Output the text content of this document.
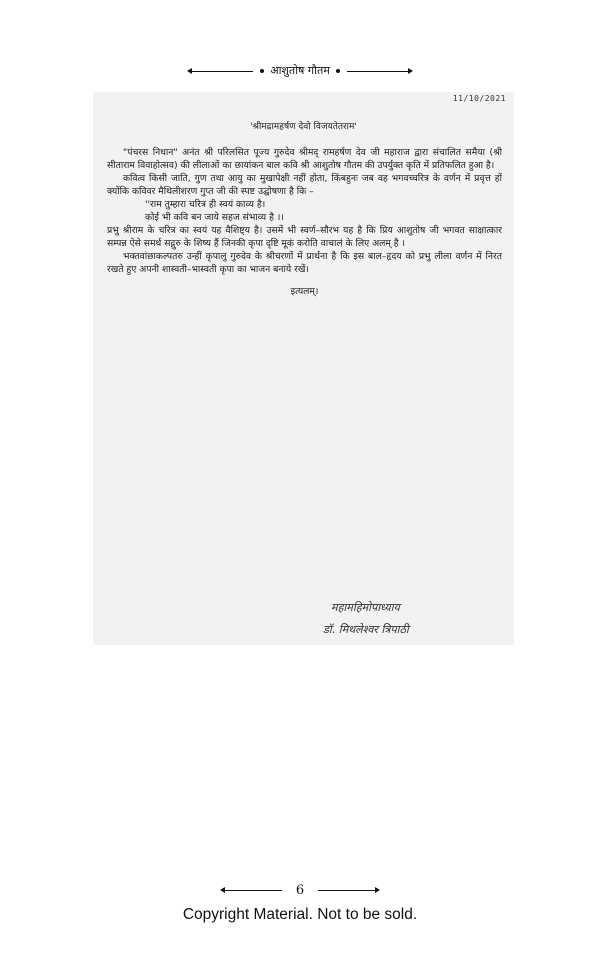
आशुतोष गौतम
11/10/2021
'श्रीमद्रामहर्षण देवो विजयतेतराम'

"पंचरस निधान" अनंत श्री परिलसित पूज्य गुरुदेव श्रीमद् रामहर्षण देव जी महाराज द्वारा संचालित समैया (श्री सीताराम विवाहोत्सव) की लीलाओं का छायांकन बाल कवि श्री आशुतोष गौतम की उपर्युक्त कृति में प्रतिफलित हुआ है।

कवित्व किसी जाति, गुण तथा आयु का मुखापेक्षी नहीं होता, किंबहुनः जब वह भगवच्चरित्र के वर्णन में प्रवृत्त हों क्योंकि कविवर मैथिलीशरण गुप्त जी की स्पष्ट उद्घोषणा है कि –

''राम तुम्हारा चरित्र ही स्वयं काव्य है।

कोई भी कवि बन जाये सहज संभाव्य है ।।

प्रभु श्रीराम के चरित्र का स्वयं यह वैशिष्ट्य है। उसमें भी स्वर्ण–सौरभ यह है कि प्रिय आशुतोष जी भगवत साक्षात्कार सम्पन्न ऐसे समर्थ सद्गुरु के शिष्य हैं जिनकी कृपा दृष्टि मूकं करोति वाचालं के लिए अलम् है ।

भक्तवांछाकल्पतरु उन्हीं कृपालु गुरुदेव के श्रीचरणों में प्रार्थना है कि इस बाल–हृदय को प्रभु लीला वर्णन में निरत रखते हुए अपनी शास्वती–भास्वती कृपा का भाजन बनाये रखें।

इत्यलम्।

महामहिमोपाध्याय
डॉ. मिथलेश्वर त्रिपाठी
6
Copyright Material. Not to be sold.
